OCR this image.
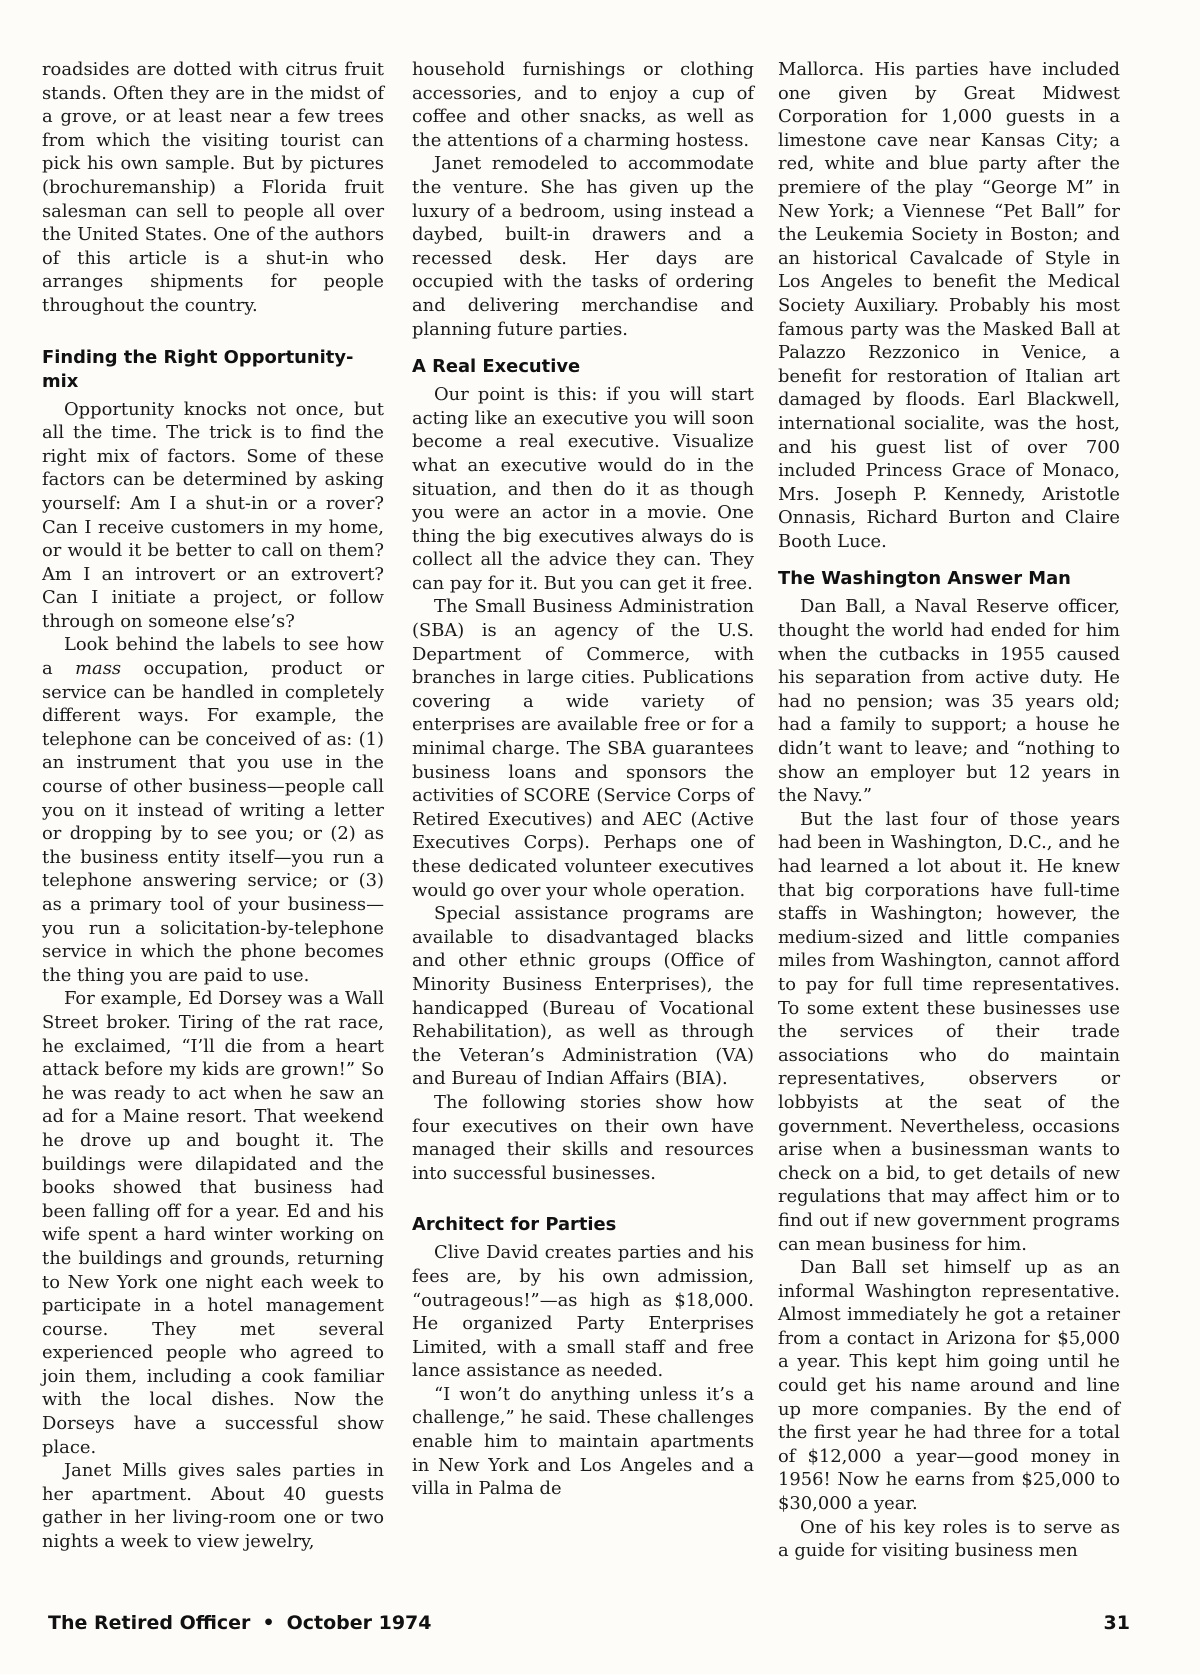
roadsides are dotted with citrus fruit stands. Often they are in the midst of a grove, or at least near a few trees from which the visiting tourist can pick his own sample. But by pictures (brochuremanship) a Florida fruit salesman can sell to people all over the United States. One of the authors of this article is a shut-in who arranges shipments for people throughout the country.

Finding the Right Opportunity-mix

Opportunity knocks not once, but all the time. The trick is to find the right mix of factors. Some of these factors can be determined by asking yourself: Am I a shut-in or a rover? Can I receive customers in my home, or would it be better to call on them? Am I an introvert or an extrovert? Can I initiate a project, or follow through on someone else’s?

Look behind the labels to see how a mass occupation, product or service can be handled in completely different ways. For example, the telephone can be conceived of as: (1) an instrument that you use in the course of other business—people call you on it instead of writing a letter or dropping by to see you; or (2) as the business entity itself—you run a telephone answering service; or (3) as a primary tool of your business—you run a solicitation-by-telephone service in which the phone becomes the thing you are paid to use.

For example, Ed Dorsey was a Wall Street broker. Tiring of the rat race, he exclaimed, “I’ll die from a heart attack before my kids are grown!” So he was ready to act when he saw an ad for a Maine resort. That weekend he drove up and bought it. The buildings were dilapidated and the books showed that business had been falling off for a year. Ed and his wife spent a hard winter working on the buildings and grounds, returning to New York one night each week to participate in a hotel management course. They met several experienced people who agreed to join them, including a cook familiar with the local dishes. Now the Dorseys have a successful show place.

Janet Mills gives sales parties in her apartment. About 40 guests gather in her living-room one or two nights a week to view jewelry,

household furnishings or clothing accessories, and to enjoy a cup of coffee and other snacks, as well as the attentions of a charming hostess.

Janet remodeled to accommodate the venture. She has given up the luxury of a bedroom, using instead a daybed, built-in drawers and a recessed desk. Her days are occupied with the tasks of ordering and delivering merchandise and planning future parties.

A Real Executive

Our point is this: if you will start acting like an executive you will soon become a real executive. Visualize what an executive would do in the situation, and then do it as though you were an actor in a movie. One thing the big executives always do is collect all the advice they can. They can pay for it. But you can get it free.

The Small Business Administration (SBA) is an agency of the U.S. Department of Commerce, with branches in large cities. Publications covering a wide variety of enterprises are available free or for a minimal charge. The SBA guarantees business loans and sponsors the activities of SCORE (Service Corps of Retired Executives) and AEC (Active Executives Corps). Perhaps one of these dedicated volunteer executives would go over your whole operation.

Special assistance programs are available to disadvantaged blacks and other ethnic groups (Office of Minority Business Enterprises), the handicapped (Bureau of Vocational Rehabilitation), as well as through the Veteran’s Administration (VA) and Bureau of Indian Affairs (BIA).

The following stories show how four executives on their own have managed their skills and resources into successful businesses.

Architect for Parties

Clive David creates parties and his fees are, by his own admission, “outrageous!”—as high as $18,000. He organized Party Enterprises Limited, with a small staff and free lance assistance as needed.

“I won’t do anything unless it’s a challenge,” he said. These challenges enable him to maintain apartments in New York and Los Angeles and a villa in Palma de

Mallorca. His parties have included one given by Great Midwest Corporation for 1,000 guests in a limestone cave near Kansas City; a red, white and blue party after the premiere of the play “George M” in New York; a Viennese “Pet Ball” for the Leukemia Society in Boston; and an historical Cavalcade of Style in Los Angeles to benefit the Medical Society Auxiliary. Probably his most famous party was the Masked Ball at Palazzo Rezzonico in Venice, a benefit for restoration of Italian art damaged by floods. Earl Blackwell, international socialite, was the host, and his guest list of over 700 included Princess Grace of Monaco, Mrs. Joseph P. Kennedy, Aristotle Onnasis, Richard Burton and Claire Booth Luce.

The Washington Answer Man

Dan Ball, a Naval Reserve officer, thought the world had ended for him when the cutbacks in 1955 caused his separation from active duty. He had no pension; was 35 years old; had a family to support; a house he didn’t want to leave; and “nothing to show an employer but 12 years in the Navy.”

But the last four of those years had been in Washington, D.C., and he had learned a lot about it. He knew that big corporations have full-time staffs in Washington; however, the medium-sized and little companies miles from Washington, cannot afford to pay for full time representatives. To some extent these businesses use the services of their trade associations who do maintain representatives, observers or lobbyists at the seat of the government. Nevertheless, occasions arise when a businessman wants to check on a bid, to get details of new regulations that may affect him or to find out if new government programs can mean business for him.

Dan Ball set himself up as an informal Washington representative. Almost immediately he got a retainer from a contact in Arizona for $5,000 a year. This kept him going until he could get his name around and line up more companies. By the end of the first year he had three for a total of $12,000 a year—good money in 1956! Now he earns from $25,000 to $30,000 a year.

One of his key roles is to serve as a guide for visiting business men

The Retired Officer • October 1974	31
